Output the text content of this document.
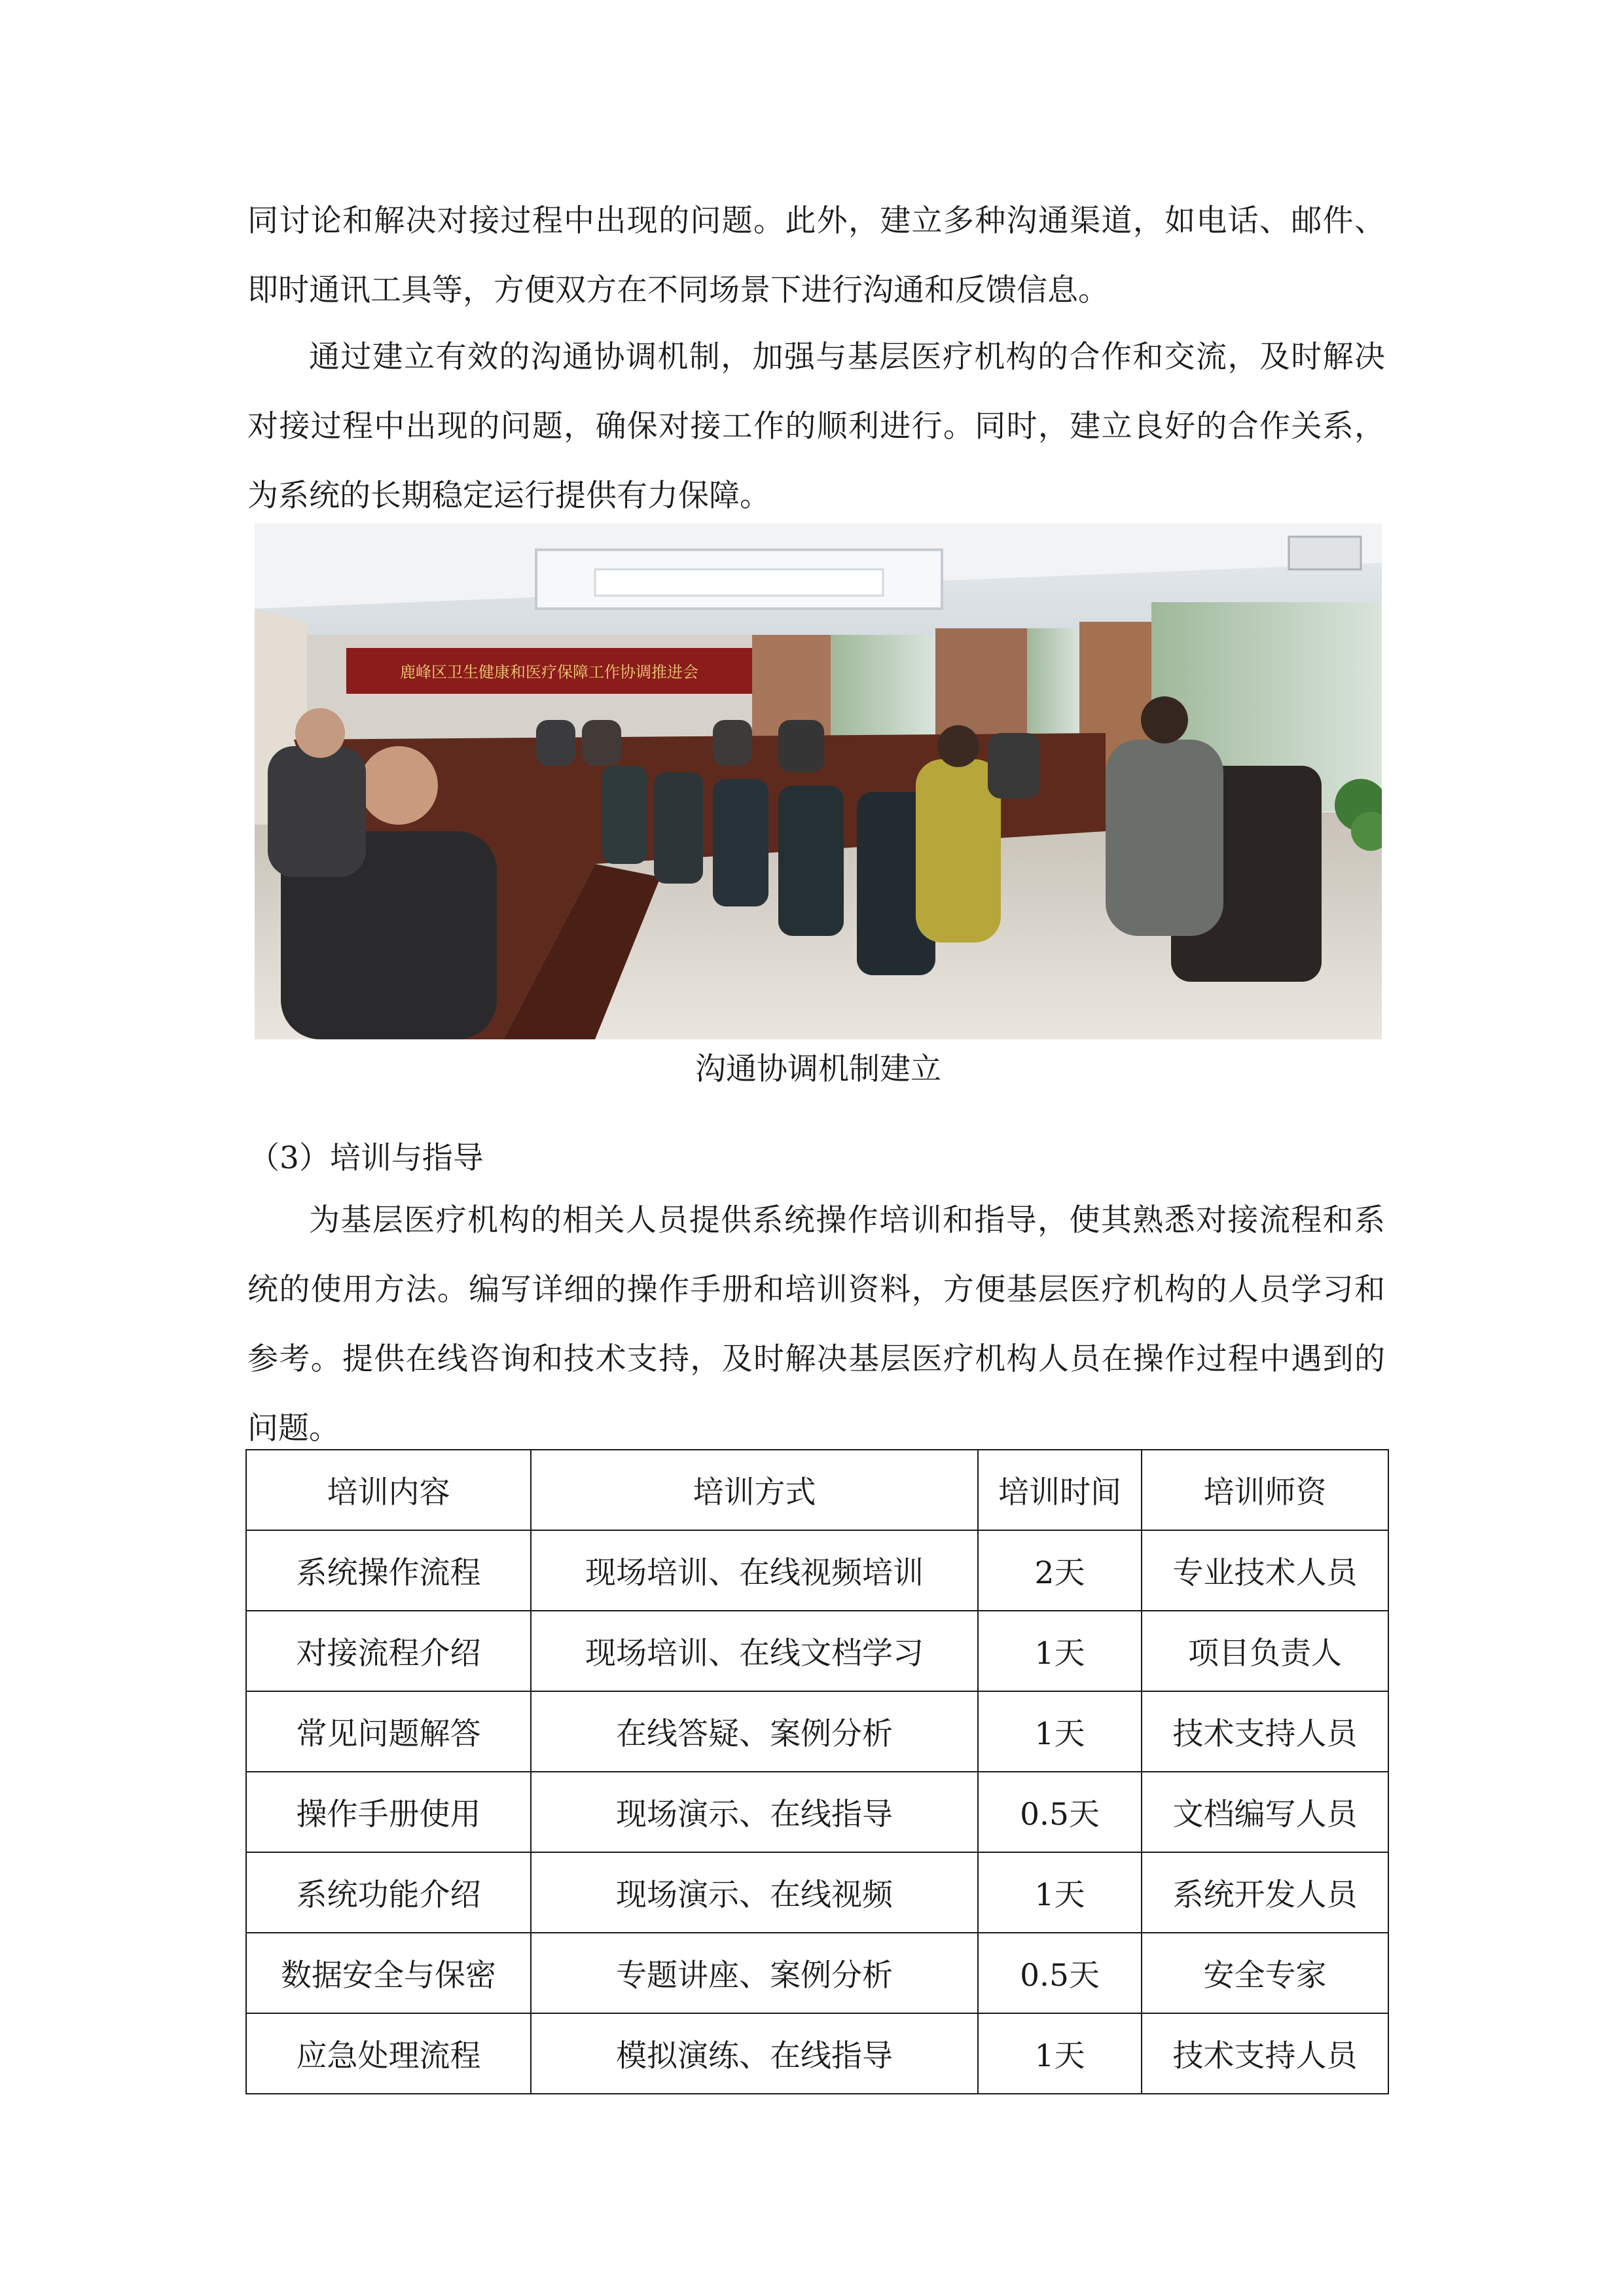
同讨论和解决对接过程中出现的问题。此外，建立多种沟通渠道，如电话、邮件、即时通讯工具等，方便双方在不同场景下进行沟通和反馈信息。

通过建立有效的沟通协调机制，加强与基层医疗机构的合作和交流，及时解决对接过程中出现的问题，确保对接工作的顺利进行。同时，建立良好的合作关系，为系统的长期稳定运行提供有力保障。

鹿峰区卫生健康和医疗保障工作协调推进会
沟通协调机制建立
（3）培训与指导

为基层医疗机构的相关人员提供系统操作培训和指导，使其熟悉对接流程和系统的使用方法。编写详细的操作手册和培训资料，方便基层医疗机构的人员学习和参考。提供在线咨询和技术支持，及时解决基层医疗机构人员在操作过程中遇到的问题。

培训内容	培训方式	培训时间	培训师资
系统操作流程	现场培训、在线视频培训	2天	专业技术人员
对接流程介绍	现场培训、在线文档学习	1天	项目负责人
常见问题解答	在线答疑、案例分析	1天	技术支持人员
操作手册使用	现场演示、在线指导	0.5天	文档编写人员
系统功能介绍	现场演示、在线视频	1天	系统开发人员
数据安全与保密	专题讲座、案例分析	0.5天	安全专家
应急处理流程	模拟演练、在线指导	1天	技术支持人员
